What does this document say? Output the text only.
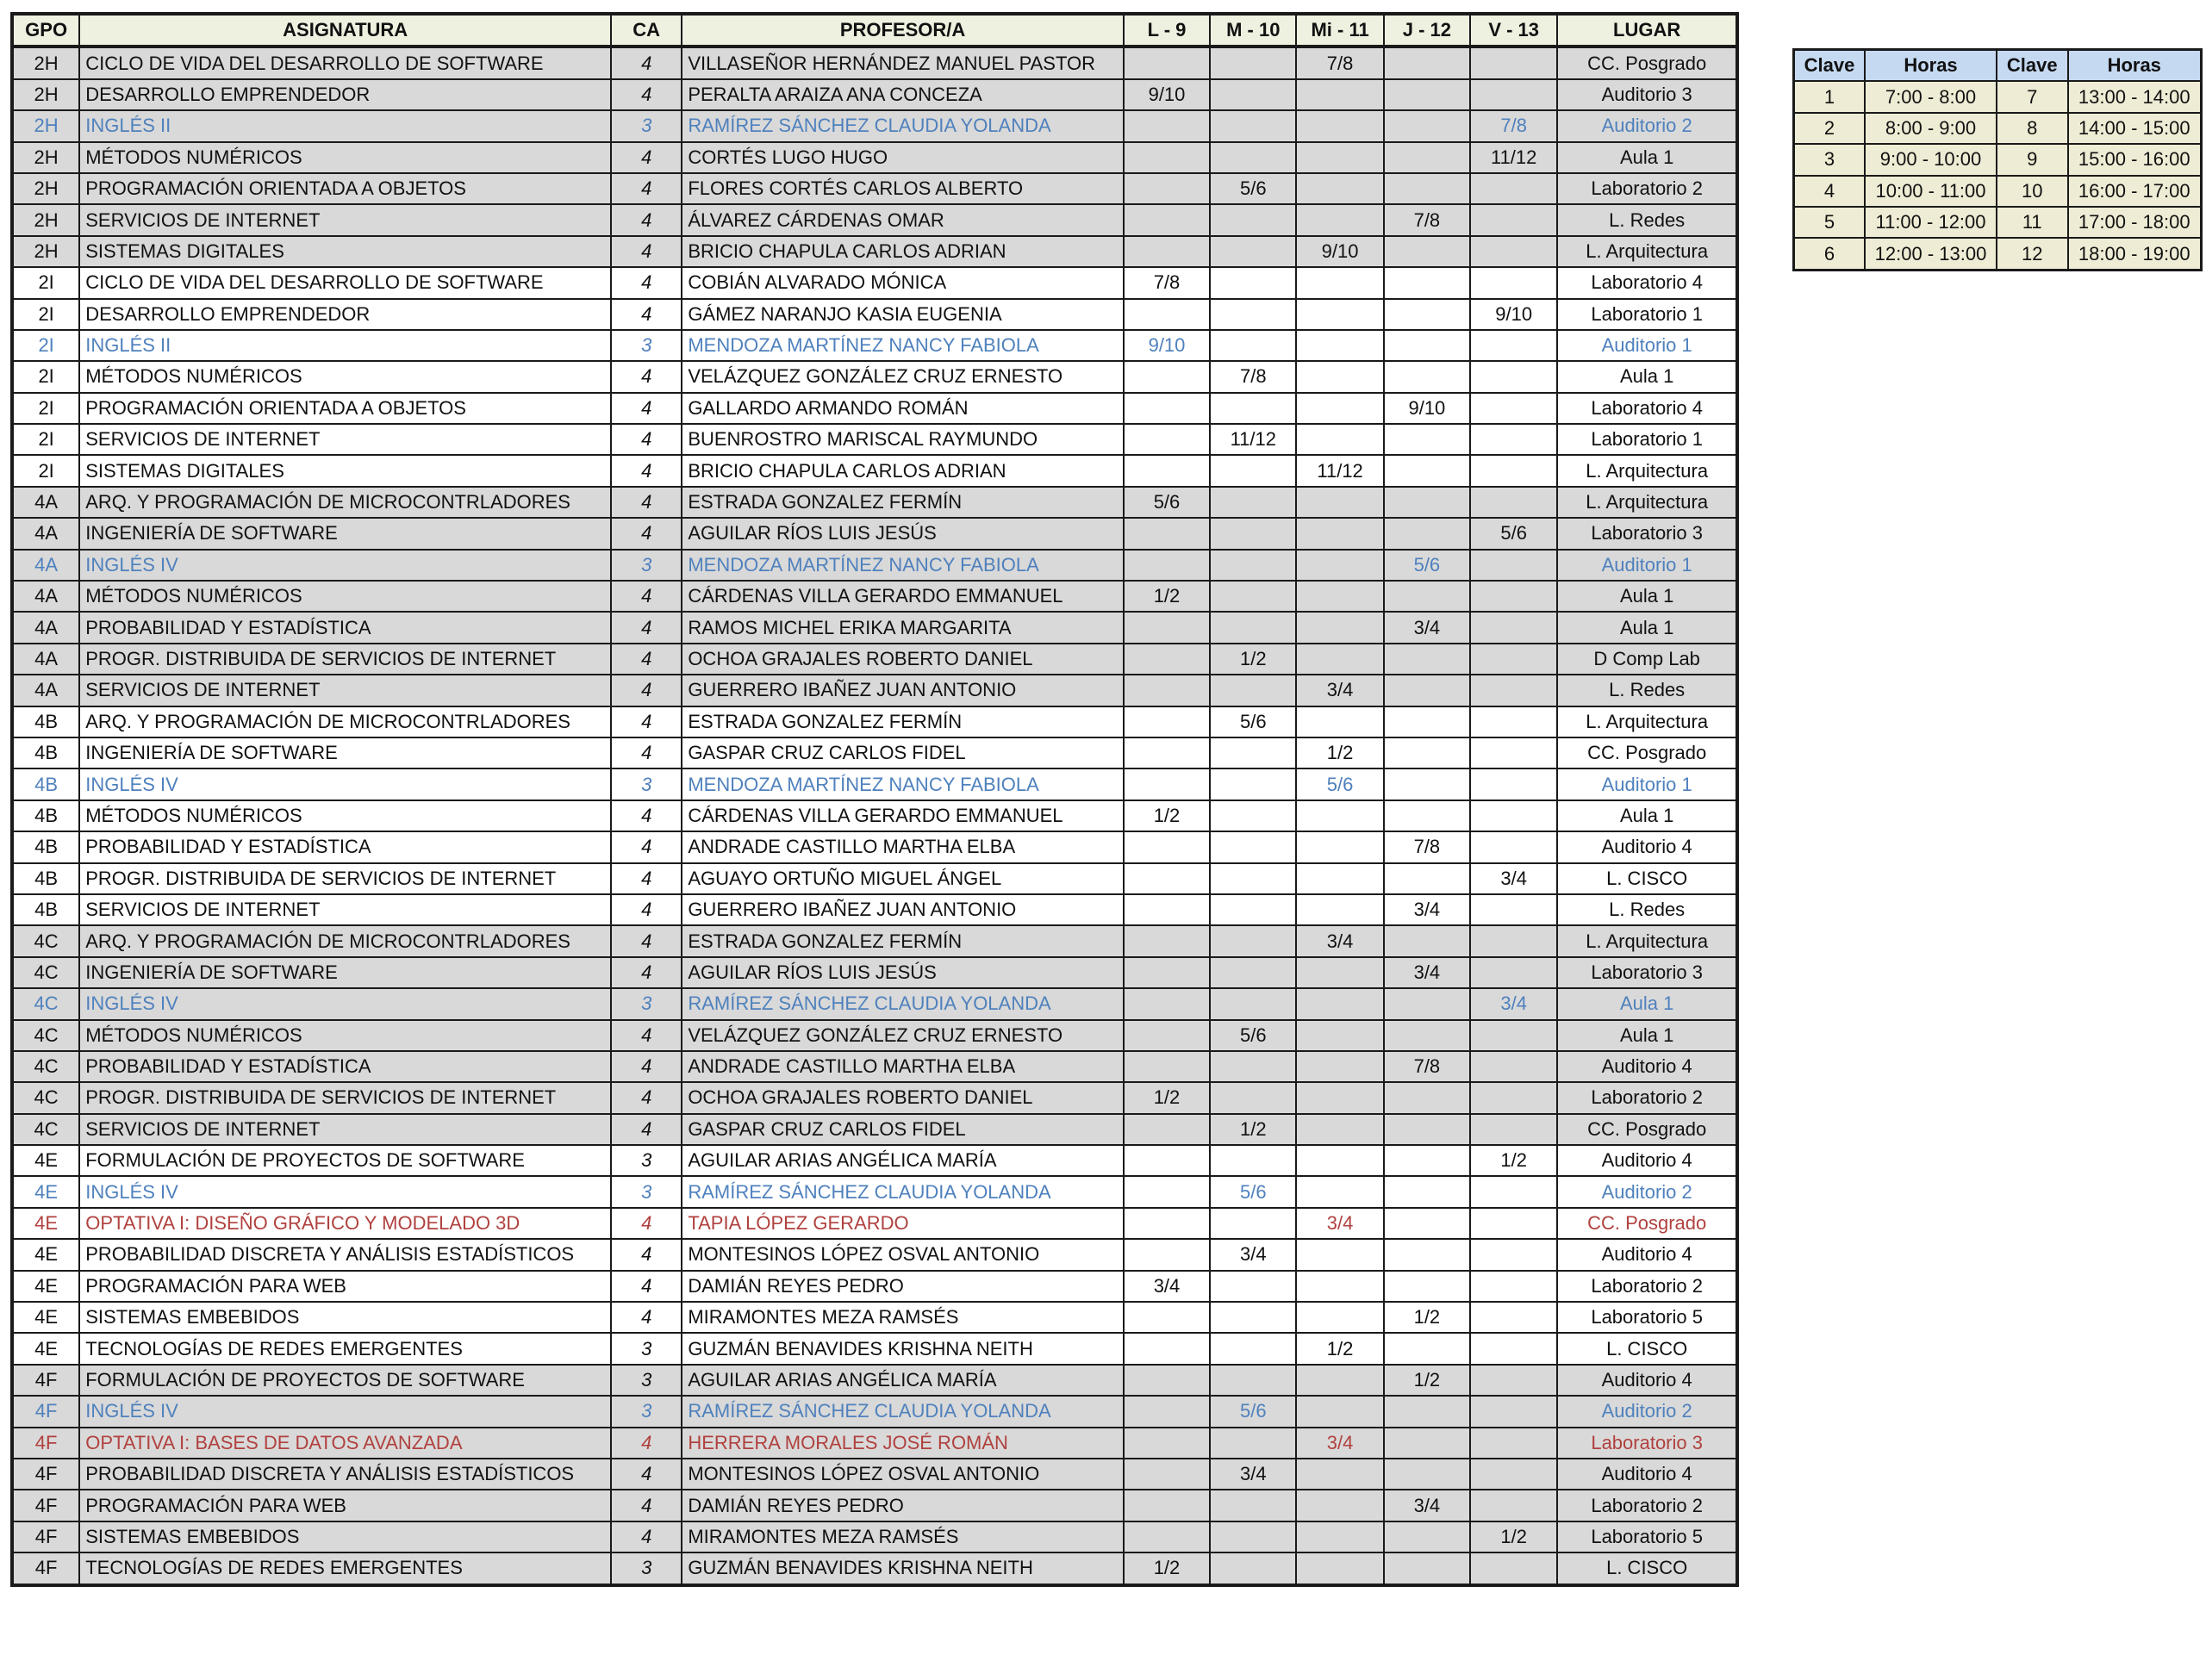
GPO	ASIGNATURA	CA	PROFESOR/A	L - 9	M - 10	Mi - 11	J - 12	V - 13	LUGAR
2H	CICLO DE VIDA DEL DESARROLLO DE SOFTWARE	4	VILLASEÑOR HERNÁNDEZ MANUEL PASTOR			7/8			CC. Posgrado
2H	DESARROLLO EMPRENDEDOR	4	PERALTA ARAIZA ANA CONCEZA	9/10					Auditorio 3
2H	INGLÉS II	3	RAMÍREZ SÁNCHEZ CLAUDIA YOLANDA					7/8	Auditorio 2
2H	MÉTODOS NUMÉRICOS	4	CORTÉS LUGO HUGO					11/12	Aula 1
2H	PROGRAMACIÓN ORIENTADA A OBJETOS	4	FLORES CORTÉS CARLOS ALBERTO		5/6				Laboratorio 2
2H	SERVICIOS DE INTERNET	4	ÁLVAREZ CÁRDENAS OMAR				7/8		L. Redes
2H	SISTEMAS DIGITALES	4	BRICIO CHAPULA CARLOS ADRIAN			9/10			L. Arquitectura
2I	CICLO DE VIDA DEL DESARROLLO DE SOFTWARE	4	COBIÁN ALVARADO MÓNICA	7/8					Laboratorio 4
2I	DESARROLLO EMPRENDEDOR	4	GÁMEZ NARANJO KASIA EUGENIA					9/10	Laboratorio 1
2I	INGLÉS II	3	MENDOZA MARTÍNEZ NANCY FABIOLA	9/10					Auditorio 1
2I	MÉTODOS NUMÉRICOS	4	VELÁZQUEZ GONZÁLEZ CRUZ ERNESTO		7/8				Aula 1
2I	PROGRAMACIÓN ORIENTADA A OBJETOS	4	GALLARDO ARMANDO ROMÁN				9/10		Laboratorio 4
2I	SERVICIOS DE INTERNET	4	BUENROSTRO MARISCAL RAYMUNDO		11/12				Laboratorio 1
2I	SISTEMAS DIGITALES	4	BRICIO CHAPULA CARLOS ADRIAN			11/12			L. Arquitectura
4A	ARQ. Y PROGRAMACIÓN DE MICROCONTRLADORES	4	ESTRADA GONZALEZ FERMÍN	5/6					L. Arquitectura
4A	INGENIERÍA DE SOFTWARE	4	AGUILAR RÍOS LUIS JESÚS					5/6	Laboratorio 3
4A	INGLÉS IV	3	MENDOZA MARTÍNEZ NANCY FABIOLA				5/6		Auditorio 1
4A	MÉTODOS NUMÉRICOS	4	CÁRDENAS VILLA GERARDO EMMANUEL	1/2					Aula 1
4A	PROBABILIDAD Y ESTADÍSTICA	4	RAMOS MICHEL ERIKA MARGARITA				3/4		Aula 1
4A	PROGR. DISTRIBUIDA DE SERVICIOS DE INTERNET	4	OCHOA GRAJALES ROBERTO DANIEL		1/2				D Comp Lab
4A	SERVICIOS DE INTERNET	4	GUERRERO IBAÑEZ JUAN ANTONIO			3/4			L. Redes
4B	ARQ. Y PROGRAMACIÓN DE MICROCONTRLADORES	4	ESTRADA GONZALEZ FERMÍN		5/6				L. Arquitectura
4B	INGENIERÍA DE SOFTWARE	4	GASPAR CRUZ CARLOS FIDEL			1/2			CC. Posgrado
4B	INGLÉS IV	3	MENDOZA MARTÍNEZ NANCY FABIOLA			5/6			Auditorio 1
4B	MÉTODOS NUMÉRICOS	4	CÁRDENAS VILLA GERARDO EMMANUEL	1/2					Aula 1
4B	PROBABILIDAD Y ESTADÍSTICA	4	ANDRADE CASTILLO MARTHA ELBA				7/8		Auditorio 4
4B	PROGR. DISTRIBUIDA DE SERVICIOS DE INTERNET	4	AGUAYO ORTUÑO MIGUEL ÁNGEL					3/4	L. CISCO
4B	SERVICIOS DE INTERNET	4	GUERRERO IBAÑEZ JUAN ANTONIO				3/4		L. Redes
4C	ARQ. Y PROGRAMACIÓN DE MICROCONTRLADORES	4	ESTRADA GONZALEZ FERMÍN			3/4			L. Arquitectura
4C	INGENIERÍA DE SOFTWARE	4	AGUILAR RÍOS LUIS JESÚS				3/4		Laboratorio 3
4C	INGLÉS IV	3	RAMÍREZ SÁNCHEZ CLAUDIA YOLANDA					3/4	Aula 1
4C	MÉTODOS NUMÉRICOS	4	VELÁZQUEZ GONZÁLEZ CRUZ ERNESTO		5/6				Aula 1
4C	PROBABILIDAD Y ESTADÍSTICA	4	ANDRADE CASTILLO MARTHA ELBA				7/8		Auditorio 4
4C	PROGR. DISTRIBUIDA DE SERVICIOS DE INTERNET	4	OCHOA GRAJALES ROBERTO DANIEL	1/2					Laboratorio 2
4C	SERVICIOS DE INTERNET	4	GASPAR CRUZ CARLOS FIDEL		1/2				CC. Posgrado
4E	FORMULACIÓN DE PROYECTOS DE SOFTWARE	3	AGUILAR ARIAS ANGÉLICA MARÍA					1/2	Auditorio 4
4E	INGLÉS IV	3	RAMÍREZ SÁNCHEZ CLAUDIA YOLANDA		5/6				Auditorio 2
4E	OPTATIVA I: DISEÑO GRÁFICO Y MODELADO 3D	4	TAPIA LÓPEZ GERARDO			3/4			CC. Posgrado
4E	PROBABILIDAD DISCRETA Y ANÁLISIS ESTADÍSTICOS	4	MONTESINOS LÓPEZ OSVAL ANTONIO		3/4				Auditorio 4
4E	PROGRAMACIÓN PARA WEB	4	DAMIÁN REYES PEDRO	3/4					Laboratorio 2
4E	SISTEMAS EMBEBIDOS	4	MIRAMONTES MEZA RAMSÉS				1/2		Laboratorio 5
4E	TECNOLOGÍAS DE REDES EMERGENTES	3	GUZMÁN BENAVIDES KRISHNA NEITH			1/2			L. CISCO
4F	FORMULACIÓN DE PROYECTOS DE SOFTWARE	3	AGUILAR ARIAS ANGÉLICA MARÍA				1/2		Auditorio 4
4F	INGLÉS IV	3	RAMÍREZ SÁNCHEZ CLAUDIA YOLANDA		5/6				Auditorio 2
4F	OPTATIVA I: BASES DE DATOS AVANZADA	4	HERRERA MORALES JOSÉ ROMÁN			3/4			Laboratorio 3
4F	PROBABILIDAD DISCRETA Y ANÁLISIS ESTADÍSTICOS	4	MONTESINOS LÓPEZ OSVAL ANTONIO		3/4				Auditorio 4
4F	PROGRAMACIÓN PARA WEB	4	DAMIÁN REYES PEDRO				3/4		Laboratorio 2
4F	SISTEMAS EMBEBIDOS	4	MIRAMONTES MEZA RAMSÉS					1/2	Laboratorio 5
4F	TECNOLOGÍAS DE REDES EMERGENTES	3	GUZMÁN BENAVIDES KRISHNA NEITH	1/2					L. CISCO
Clave	Horas	Clave	Horas
1	7:00 - 8:00	7	13:00 - 14:00
2	8:00 - 9:00	8	14:00 - 15:00
3	9:00 - 10:00	9	15:00 - 16:00
4	10:00 - 11:00	10	16:00 - 17:00
5	11:00 - 12:00	11	17:00 - 18:00
6	12:00 - 13:00	12	18:00 - 19:00
